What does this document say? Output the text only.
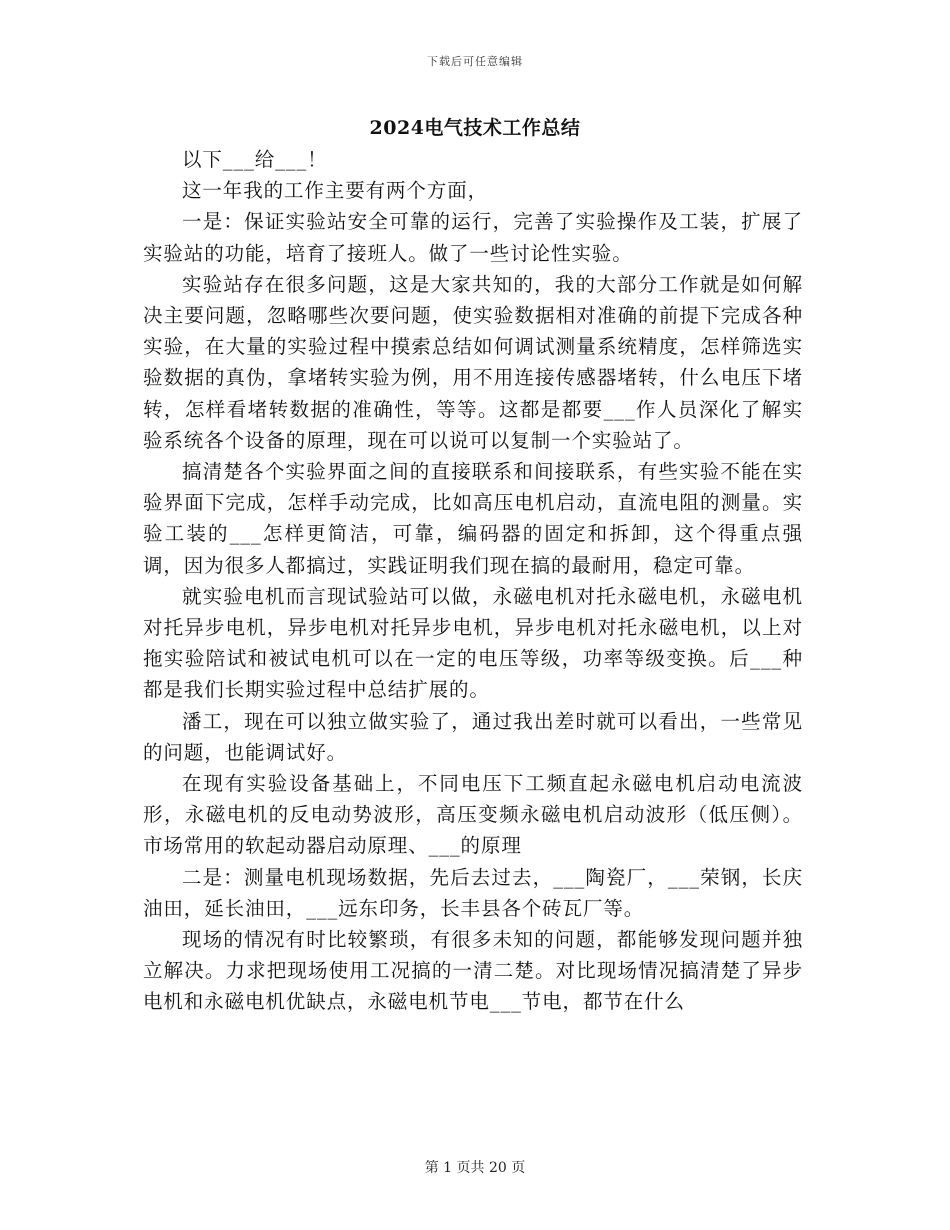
下载后可任意编辑
2024电气技术工作总结

以下___给___！

这一年我的工作主要有两个方面，

一是：保证实验站安全可靠的运行，完善了实验操作及工装，扩展了实验站的功能，培育了接班人。做了一些讨论性实验。

实验站存在很多问题，这是大家共知的，我的大部分工作就是如何解决主要问题，忽略哪些次要问题，使实验数据相对准确的前提下完成各种实验，在大量的实验过程中摸索总结如何调试测量系统精度，怎样筛选实验数据的真伪，拿堵转实验为例，用不用连接传感器堵转，什么电压下堵转，怎样看堵转数据的准确性，等等。这都是都要___作人员深化了解实验系统各个设备的原理，现在可以说可以复制一个实验站了。

搞清楚各个实验界面之间的直接联系和间接联系，有些实验不能在实验界面下完成，怎样手动完成，比如高压电机启动，直流电阻的测量。实验工装的___怎样更简洁，可靠，编码器的固定和拆卸，这个得重点强调，因为很多人都搞过，实践证明我们现在搞的最耐用，稳定可靠。

就实验电机而言现试验站可以做，永磁电机对托永磁电机，永磁电机对托异步电机，异步电机对托异步电机，异步电机对托永磁电机，以上对拖实验陪试和被试电机可以在一定的电压等级，功率等级变换。后___种都是我们长期实验过程中总结扩展的。

潘工，现在可以独立做实验了，通过我出差时就可以看出，一些常见的问题，也能调试好。

在现有实验设备基础上，不同电压下工频直起永磁电机启动电流波形，永磁电机的反电动势波形，高压变频永磁电机启动波形（低压侧）。市场常用的软起动器启动原理、___的原理

二是：测量电机现场数据，先后去过去，___陶瓷厂，___荣钢，长庆油田，延长油田，___远东印务，长丰县各个砖瓦厂等。

现场的情况有时比较繁琐，有很多未知的问题，都能够发现问题并独立解决。力求把现场使用工况搞的一清二楚。对比现场情况搞清楚了异步电机和永磁电机优缺点，永磁电机节电___节电，都节在什么

第 1 页共 20 页
